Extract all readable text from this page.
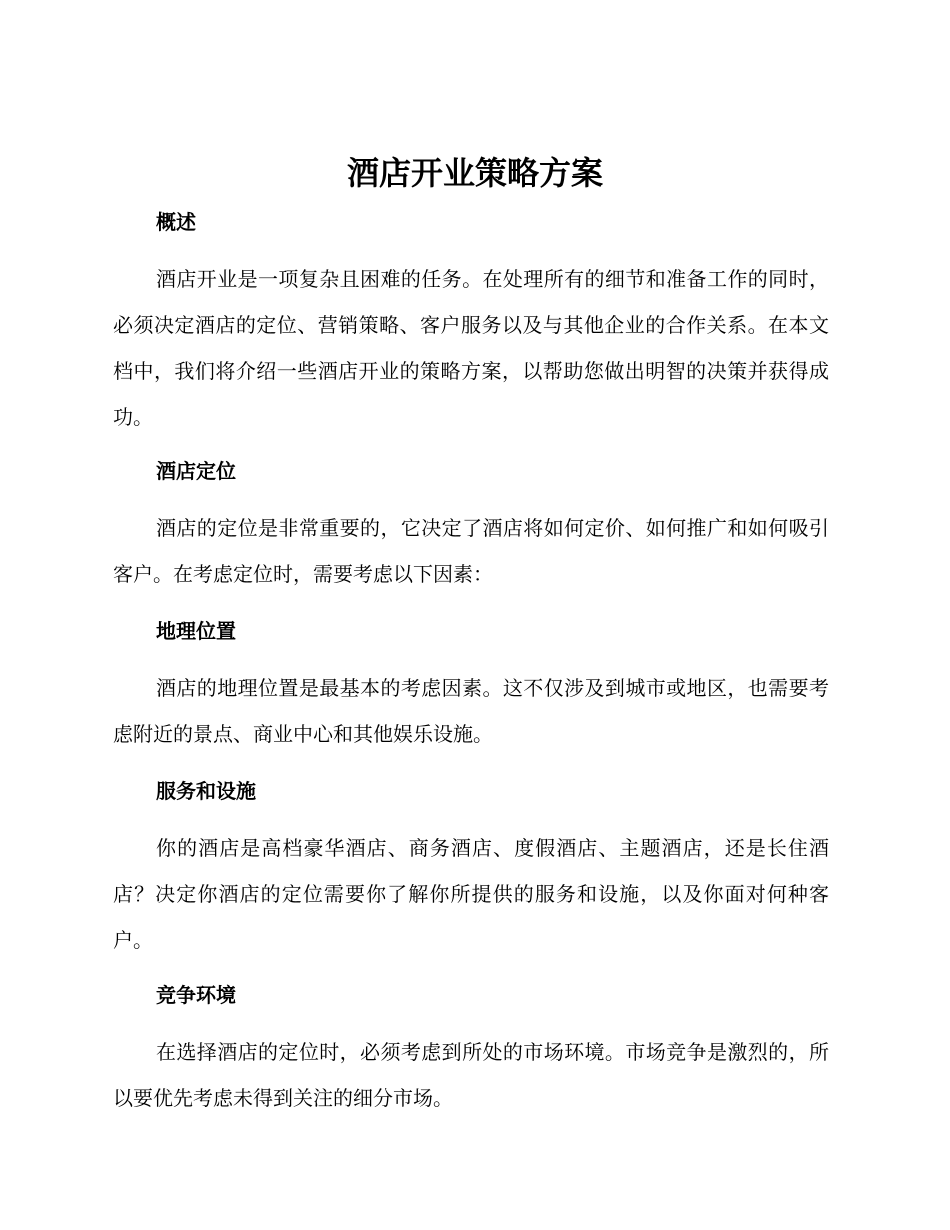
酒店开业策略方案
概述

酒店开业是一项复杂且困难的任务。在处理所有的细节和准备工作的同时，必须决定酒店的定位、营销策略、客户服务以及与其他企业的合作关系。在本文档中，我们将介绍一些酒店开业的策略方案，以帮助您做出明智的决策并获得成功。

酒店定位

酒店的定位是非常重要的，它决定了酒店将如何定价、如何推广和如何吸引客户。在考虑定位时，需要考虑以下因素：

地理位置

酒店的地理位置是最基本的考虑因素。这不仅涉及到城市或地区，也需要考虑附近的景点、商业中心和其他娱乐设施。

服务和设施

你的酒店是高档豪华酒店、商务酒店、度假酒店、主题酒店，还是长住酒店？决定你酒店的定位需要你了解你所提供的服务和设施，以及你面对何种客户。

竞争环境

在选择酒店的定位时，必须考虑到所处的市场环境。市场竞争是激烈的，所以要优先考虑未得到关注的细分市场。
